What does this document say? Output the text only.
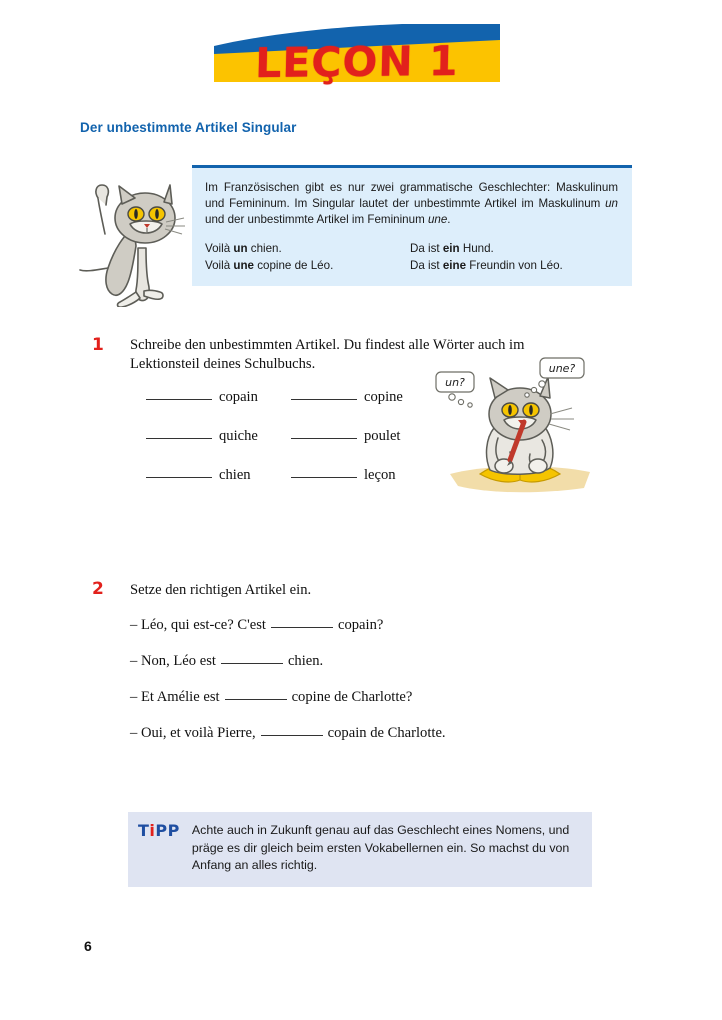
LEÇON 1
Der unbestimmte Artikel Singular

Im Französischen gibt es nur zwei grammatische Geschlechter: Maskulinum und Femininum. Im Singular lautet der unbestimmte Artikel im Maskulinum un und der unbestimmte Artikel im Femininum une.

Voilà un chien.	Da ist ein Hund.
Voilà une copine de Léo.	Da ist eine Freundin von Léo.
1 Schreibe den unbestimmten Artikel. Du findest alle Wörter auch im Lektionsteil deines Schulbuchs.
copain	copine
quiche	poulet
chien	leçon
un?
une?
2 Setze den richtigen Artikel ein.
– Léo, qui est-ce? C'est	copain?
– Non, Léo est	chien.
– Et Amélie est	copine de Charlotte?
– Oui, et voilà Pierre,	copain de Charlotte.
TiPP Achte auch in Zukunft genau auf das Geschlecht eines Nomens, und präge es dir gleich beim ersten Vokabellernen ein. So machst du von Anfang an alles richtig.
6
